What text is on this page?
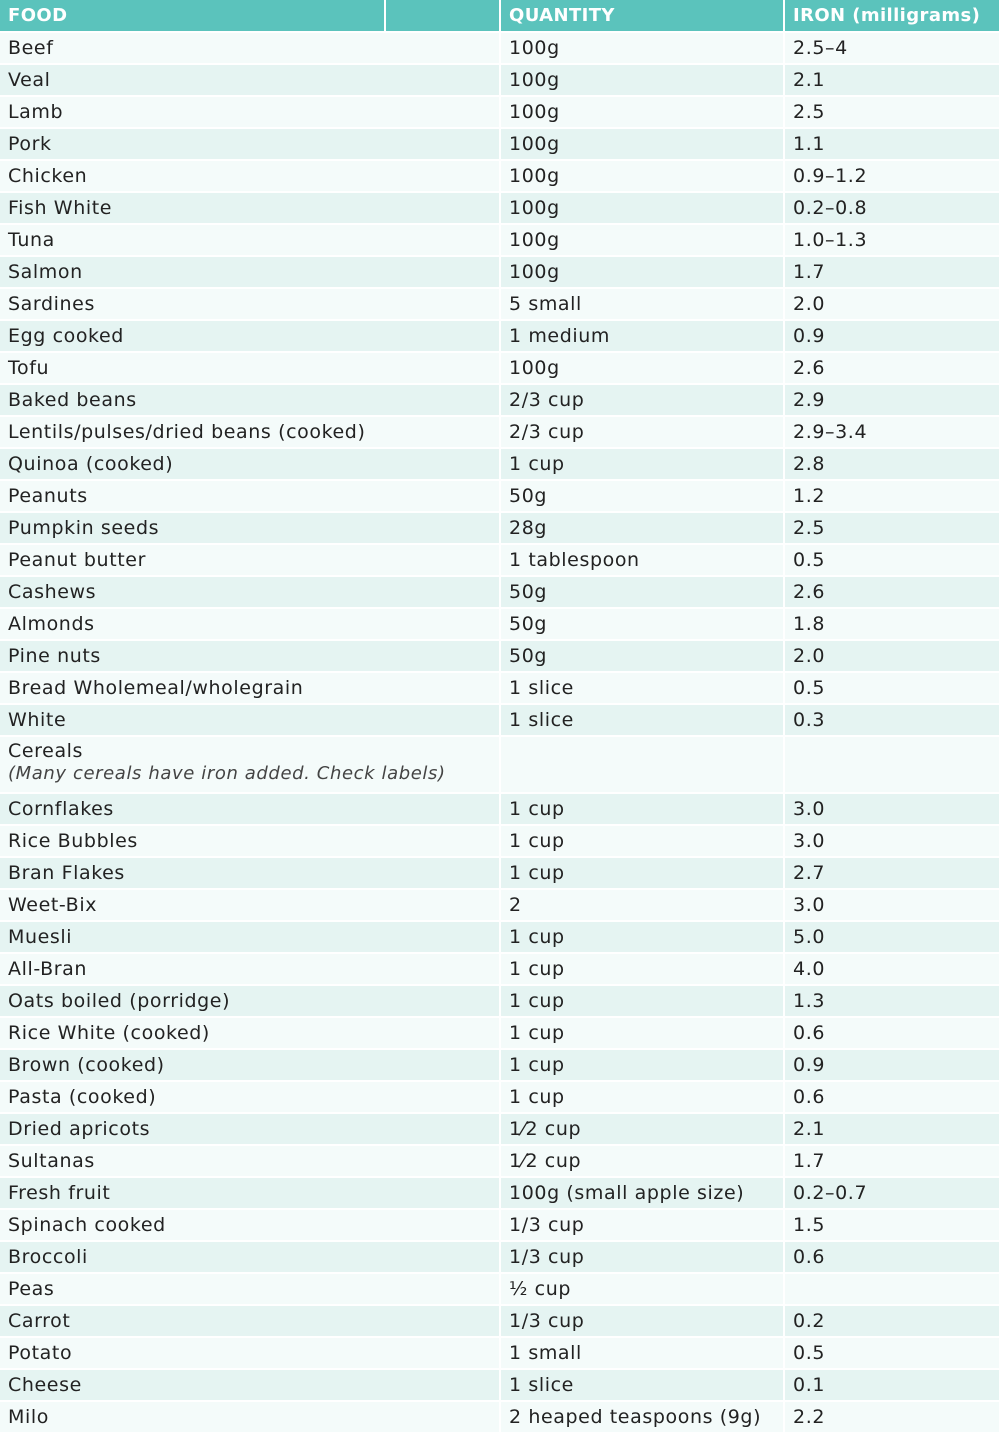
FOOD		QUANTITY	IRON (milligrams)
Beef		100g	2.5–4
Veal		100g	2.1
Lamb		100g	2.5
Pork		100g	1.1
Chicken		100g	0.9–1.2
Fish White		100g	0.2–0.8
Tuna		100g	1.0–1.3
Salmon		100g	1.7
Sardines		5 small	2.0
Egg cooked		1 medium	0.9
Tofu		100g	2.6
Baked beans		2/3 cup	2.9
Lentils/pulses/dried beans (cooked)		2/3 cup	2.9–3.4
Quinoa (cooked)		1 cup	2.8
Peanuts		50g	1.2
Pumpkin seeds		28g	2.5
Peanut butter		1 tablespoon	0.5
Cashews		50g	2.6
Almonds		50g	1.8
Pine nuts		50g	2.0
Bread Wholemeal/wholegrain		1 slice	0.5
White		1 slice	0.3

Cereals
(Many cereals have iron added. Check labels)			

Cornflakes		1 cup	3.0
Rice Bubbles		1 cup	3.0
Bran Flakes		1 cup	2.7
Weet-Bix		2	3.0
Muesli		1 cup	5.0
All-Bran		1 cup	4.0
Oats boiled (porridge)		1 cup	1.3
Rice White (cooked)		1 cup	0.6
Brown (cooked)		1 cup	0.9
Pasta (cooked)		1 cup	0.6
Dried apricots		1⁄2 cup	2.1
Sultanas		1⁄2 cup	1.7
Fresh fruit		100g (small apple size)	0.2–0.7
Spinach cooked		1/3 cup	1.5
Broccoli		1/3 cup	0.6
Peas		½ cup	
Carrot		1/3 cup	0.2
Potato		1 small	0.5
Cheese		1 slice	0.1
Milo		2 heaped teaspoons (9g)	2.2
